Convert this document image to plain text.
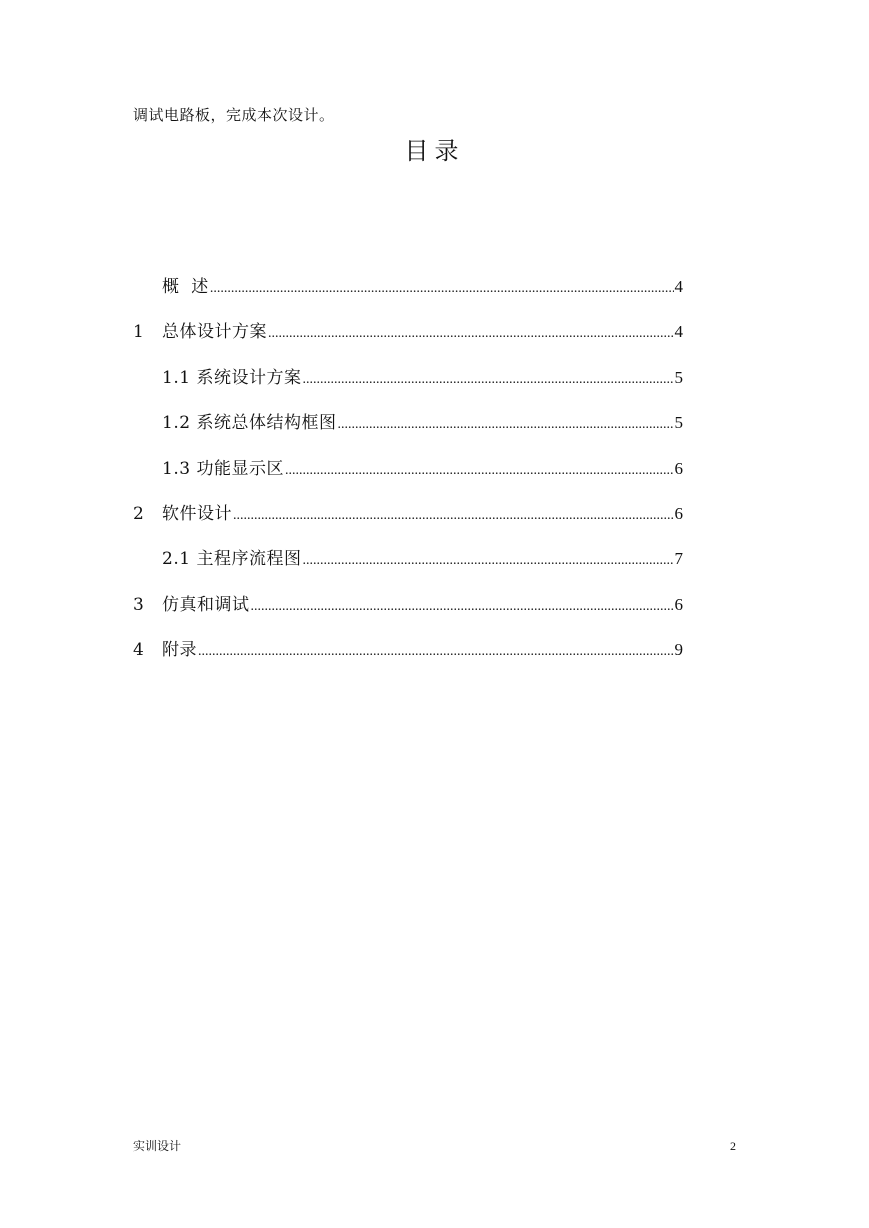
调试电路板，完成本次设计。
目录
概  述 .....	4
1	总体设计方案 .....	4
1.1 系统设计方案 .....	5
1.2 系统总体结构框图 .....	5
1.3 功能显示区 .....	6
2	软件设计 .....	6
2.1 主程序流程图 .....	7
3	仿真和调试 .....	6
4	附录 .....	9
实训设计	2
